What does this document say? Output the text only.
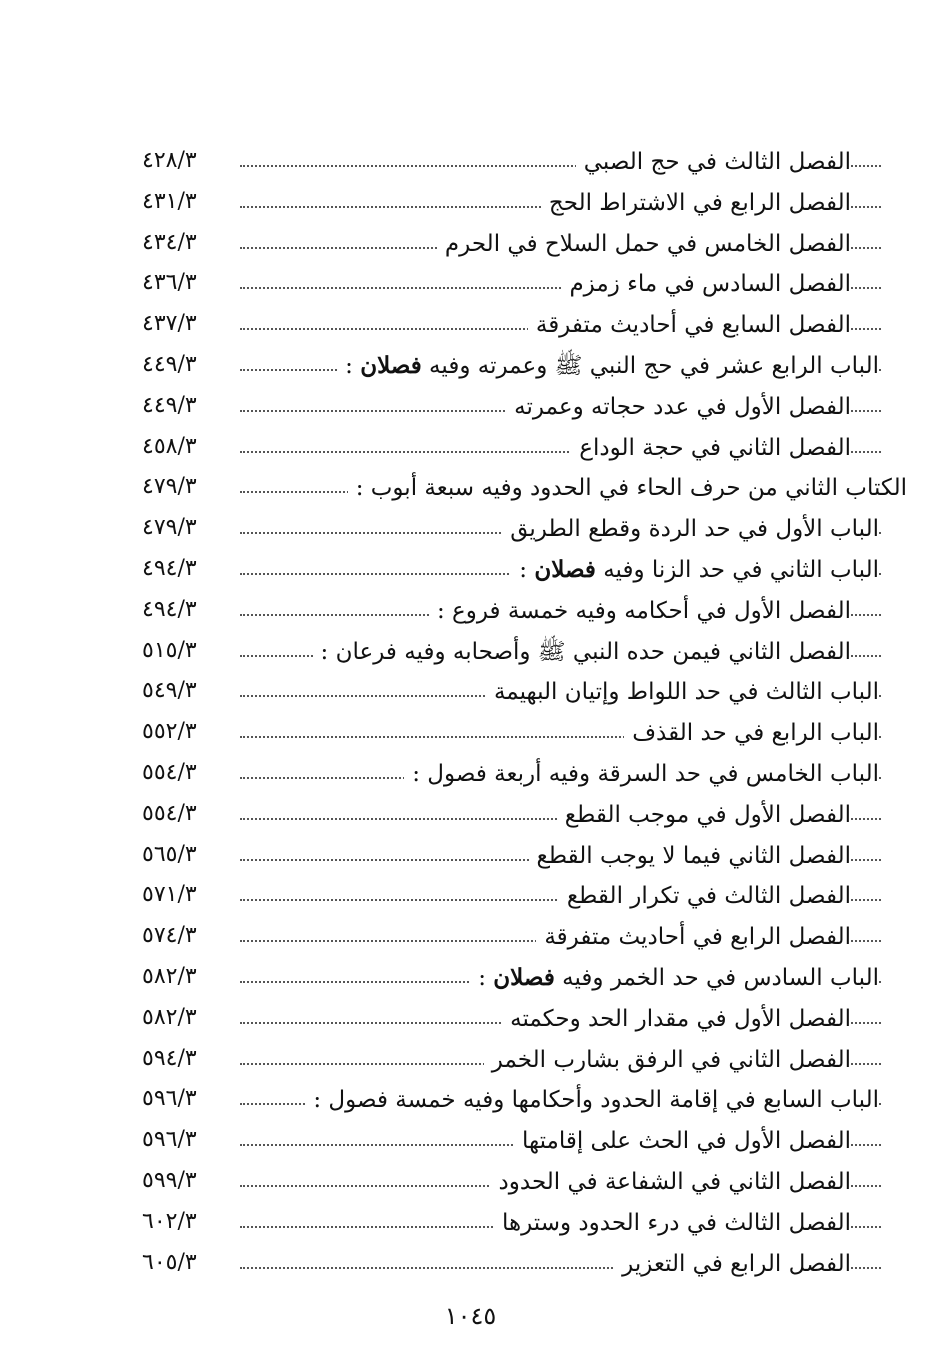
الفصل الثالث في حج الصبي
٤٢٨/٣
الفصل الرابع في الاشتراط الحج
٤٣١/٣
الفصل الخامس في حمل السلاح في الحرم
٤٣٤/٣
الفصل السادس في ماء زمزم
٤٣٦/٣
الفصل السابع في أحاديث متفرقة
٤٣٧/٣
الباب الرابع عشر في حج النبي ﷺ وعمرته وفيه فصلان :
٤٤٩/٣
الفصل الأول في عدد حجاته وعمرته
٤٤٩/٣
الفصل الثاني في حجة الوداع
٤٥٨/٣
الكتاب الثاني من حرف الحاء في الحدود وفيه سبعة أبوب :
٤٧٩/٣
الباب الأول في حد الردة وقطع الطريق
٤٧٩/٣
الباب الثاني في حد الزنا وفيه فصلان :
٤٩٤/٣
الفصل الأول في أحكامه وفيه خمسة فروع :
٤٩٤/٣
الفصل الثاني فيمن حده النبي ﷺ وأصحابه وفيه فرعان :
٥١٥/٣
الباب الثالث في حد اللواط وإتيان البهيمة
٥٤٩/٣
الباب الرابع في حد القذف
٥٥٢/٣
الباب الخامس في حد السرقة وفيه أربعة فصول :
٥٥٤/٣
الفصل الأول في موجب القطع
٥٥٤/٣
الفصل الثاني فيما لا يوجب القطع
٥٦٥/٣
الفصل الثالث في تكرار القطع
٥٧١/٣
الفصل الرابع في أحاديث متفرقة
٥٧٤/٣
الباب السادس في حد الخمر وفيه فصلان :
٥٨٢/٣
الفصل الأول في مقدار الحد وحكمته
٥٨٢/٣
الفصل الثاني في الرفق بشارب الخمر
٥٩٤/٣
الباب السابع في إقامة الحدود وأحكامها وفيه خمسة فصول :
٥٩٦/٣
الفصل الأول في الحث على إقامتها
٥٩٦/٣
الفصل الثاني في الشفاعة في الحدود
٥٩٩/٣
الفصل الثالث في درء الحدود وسترها
٦٠٢/٣
الفصل الرابع في التعزير
٦٠٥/٣
١٠٤٥
